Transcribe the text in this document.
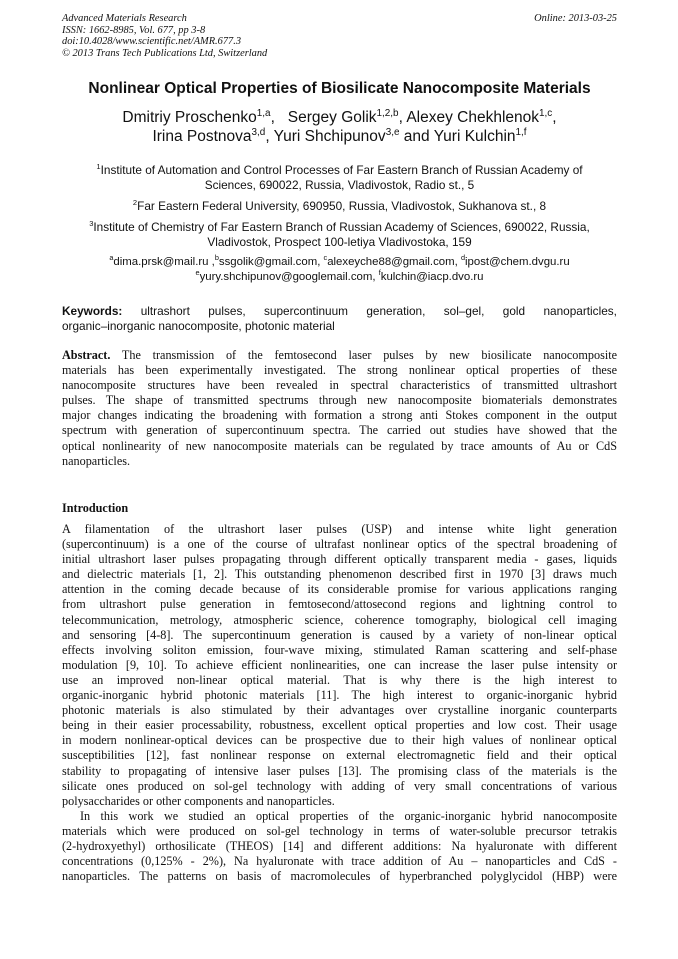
Advanced Materials Research
ISSN: 1662-8985, Vol. 677, pp 3-8
doi:10.4028/www.scientific.net/AMR.677.3
© 2013 Trans Tech Publications Ltd, Switzerland
Online: 2013-03-25
Nonlinear Optical Properties of Biosilicate Nanocomposite Materials
Dmitriy Proschenko$^{1,a}$,   Sergey Golik$^{1,2,b}$, Alexey Chekhlenok$^{1,c}$,
Irina Postnova$^{3,d}$, Yuri Shchipunov$^{3,e}$ and Yuri Kulchin$^{1,f}$
$^1$Institute of Automation and Control Processes of Far Eastern Branch of Russian Academy of
Sciences, 690022, Russia, Vladivostok, Radio st., 5
$^2$Far Eastern Federal University, 690950, Russia, Vladivostok, Sukhanova st., 8
$^3$Institute of Chemistry of Far Eastern Branch of Russian Academy of Sciences, 690022, Russia,
Vladivostok, Prospect 100-letiya Vladivostoka, 159
$^a$dima.prsk@mail.ru ,$^b$ssgolik@gmail.com, $^c$alexeyche88@gmail.com, $^d$ipost@chem.dvgu.ru
$^e$yury.shchipunov@googlemail.com, $^f$kulchin@iacp.dvo.ru
Keywords: ultrashort pulses, supercontinuum generation, sol–gel, gold nanoparticles,
organic–inorganic nanocomposite, photonic material
Abstract. The transmission of the femtosecond laser pulses by new biosilicate nanocomposite
materials has been experimentally investigated. The strong nonlinear optical properties of these
nanocomposite structures have been revealed in spectral characteristics of transmitted ultrashort
pulses. The shape of transmitted spectrums through new nanocomposite biomaterials demonstrates
major changes indicating the broadening with formation a strong anti Stokes component in the output
spectrum with generation of supercontinuum spectra. The carried out studies have showed that the
optical nonlinearity of new nanocomposite materials can be regulated by trace amounts of Au or CdS
nanoparticles.
Introduction
A filamentation of the ultrashort laser pulses (USP) and intense white light generation
(supercontinuum) is a one of the course of ultrafast nonlinear optics of the spectral broadening of
initial ultrashort laser pulses propagating through different optically transparent media - gases, liquids
and dielectric materials [1, 2]. This outstanding phenomenon described first in 1970 [3] draws much
attention in the coming decade because of its considerable promise for various applications ranging
from ultrashort pulse generation in femtosecond/attosecond regions and lightning control to
telecommunication, metrology, atmospheric science, coherence tomography, biological cell imaging
and sensoring [4-8]. The supercontinuum generation is caused by a variety of non-linear optical
effects involving soliton emission, four-wave mixing, stimulated Raman scattering and self-phase
modulation [9, 10]. To achieve efficient nonlinearities, one can increase the laser pulse intensity or
use an improved non-linear optical material. That is why there is the high interest to
organic-inorganic hybrid photonic materials [11]. The high interest to organic-inorganic hybrid
photonic materials is also stimulated by their advantages over crystalline inorganic counterparts
being in their easier processability, robustness, excellent optical properties and low cost. Their usage
in modern nonlinear-optical devices can be prospective due to their high values of nonlinear optical
susceptibilities [12], fast nonlinear response on external electromagnetic field and their optical
stability to propagating of intensive laser pulses [13]. The promising class of the materials is the
silicate ones produced on sol-gel technology with adding of very small concentrations of various
polysaccharides or other components and nanoparticles.
In this work we studied an optical properties of the organic-inorganic hybrid nanocomposite
materials which were produced on sol-gel technology in terms of water-soluble precursor tetrakis
(2-hydroxyethyl) orthosilicate (THEOS) [14] and different additions: Na hyaluronate with different
concentrations (0,125% - 2%), Na hyaluronate with trace addition of Au – nanoparticles and CdS -
nanoparticles. The patterns on basis of macromolecules of hyperbranched polyglycidol (HBP) were
